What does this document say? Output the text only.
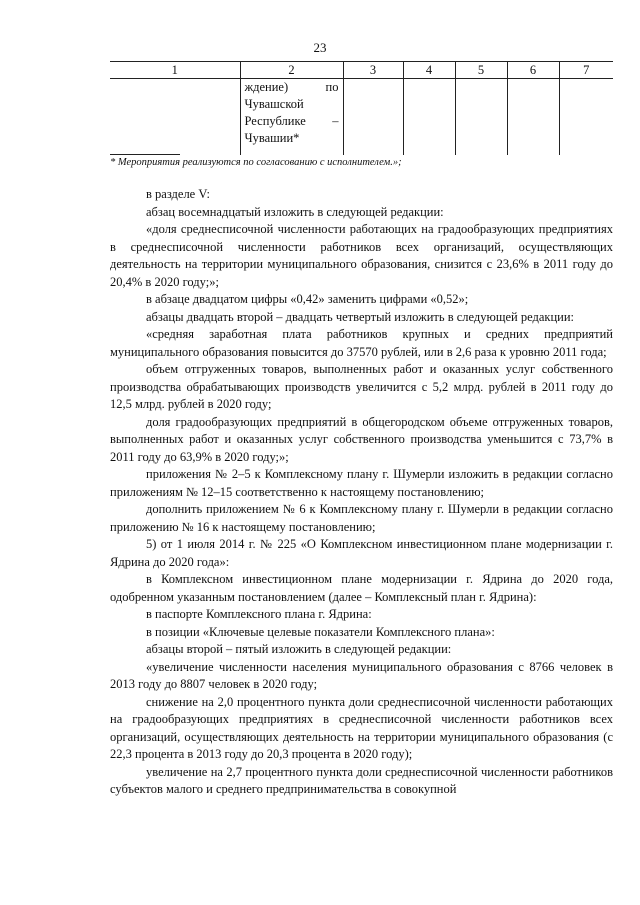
23
1	2	3	4	5	6	7

	ждение) по Чувашской Республике – Чувашии*					

* Мероприятия реализуются по согласованию с исполнителем.»;

в разделе V:

абзац восемнадцатый изложить в следующей редакции:

«доля среднесписочной численности работающих на градообразующих предприятиях в среднесписочной численности работников всех организаций, осуществляющих деятельность на территории муниципального образования, снизится с 23,6% в 2011 году до 20,4% в 2020 году;»;

в абзаце двадцатом цифры «0,42» заменить цифрами «0,52»;

абзацы двадцать второй – двадцать четвертый изложить в следующей редакции:

«средняя заработная плата работников крупных и средних предприятий муниципального образования повысится до 37570 рублей, или в 2,6 раза к уровню 2011 года;

объем отгруженных товаров, выполненных работ и оказанных услуг собственного производства обрабатывающих производств увеличится с 5,2 млрд. рублей в 2011 году до 12,5 млрд. рублей в 2020 году;

доля градообразующих предприятий в общегородском объеме отгруженных товаров, выполненных работ и оказанных услуг собственного производства уменьшится с 73,7% в 2011 году до 63,9% в 2020 году;»;

приложения № 2–5 к Комплексному плану г. Шумерли изложить в редакции согласно приложениям № 12–15 соответственно к настоящему постановлению;

дополнить приложением № 6 к Комплексному плану г. Шумерли в редакции согласно приложению № 16 к настоящему постановлению;

5) от 1 июля 2014 г. № 225 «О Комплексном инвестиционном плане модернизации г. Ядрина до 2020 года»:

в Комплексном инвестиционном плане модернизации г. Ядрина до 2020 года, одобренном указанным постановлением (далее – Комплексный план г. Ядрина):

в паспорте Комплексного плана г. Ядрина:

в позиции «Ключевые целевые показатели Комплексного плана»:

абзацы второй – пятый изложить в следующей редакции:

«увеличение численности населения муниципального образования с 8766 человек в 2013 году до 8807 человек в 2020 году;

снижение на 2,0 процентного пункта доли среднесписочной численности работающих на градообразующих предприятиях в среднесписочной численности работников всех организаций, осуществляющих деятельность на территории муниципального образования (с 22,3 процента в 2013 году до 20,3 процента в 2020 году);

увеличение на 2,7 процентного пункта доли среднесписочной численности работников субъектов малого и среднего предпринимательства в совокупной
